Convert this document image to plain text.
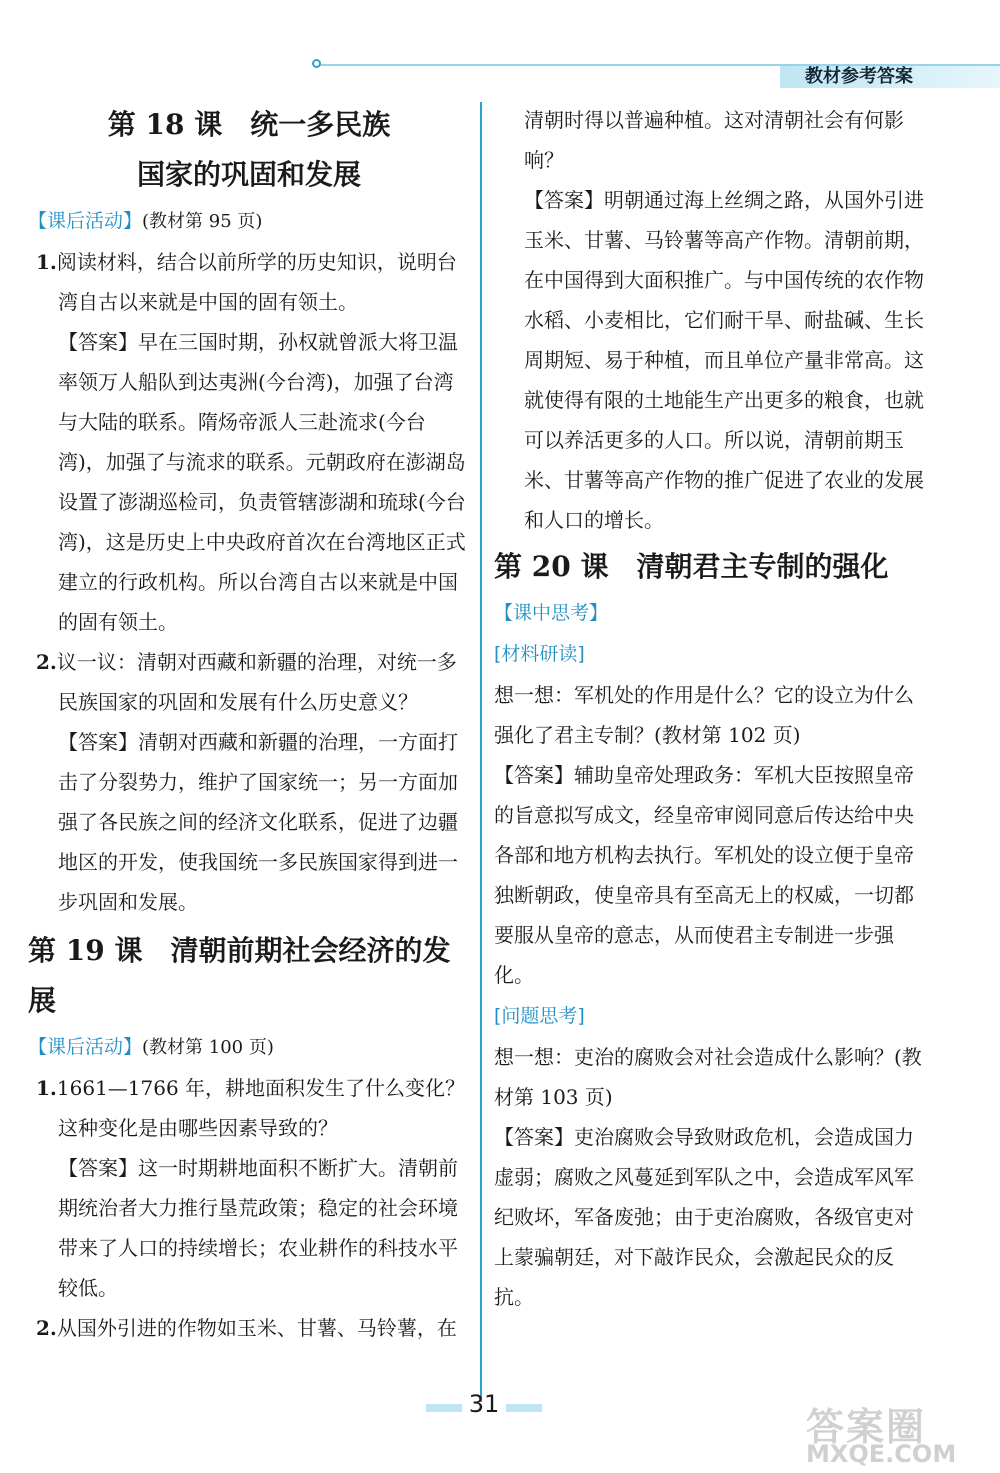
教材参考答案
第 18 课　统一多民族
国家的巩固和发展

【课后活动】(教材第 95 页)

1.阅读材料，结合以前所学的历史知识，说明台湾自古以来就是中国的固有领土。

【答案】早在三国时期，孙权就曾派大将卫温率领万人船队到达夷洲(今台湾)，加强了台湾与大陆的联系。隋炀帝派人三赴流求(今台湾)，加强了与流求的联系。元朝政府在澎湖岛设置了澎湖巡检司，负责管辖澎湖和琉球(今台湾)，这是历史上中央政府首次在台湾地区正式建立的行政机构。所以台湾自古以来就是中国的固有领土。

2.议一议：清朝对西藏和新疆的治理，对统一多民族国家的巩固和发展有什么历史意义？

【答案】清朝对西藏和新疆的治理，一方面打击了分裂势力，维护了国家统一；另一方面加强了各民族之间的经济文化联系，促进了边疆地区的开发，使我国统一多民族国家得到进一步巩固和发展。

第 19 课　清朝前期社会经济的发展

【课后活动】(教材第 100 页)

1.1661—1766 年，耕地面积发生了什么变化？这种变化是由哪些因素导致的？

【答案】这一时期耕地面积不断扩大。清朝前期统治者大力推行垦荒政策；稳定的社会环境带来了人口的持续增长；农业耕作的科技水平较低。

2.从国外引进的作物如玉米、甘薯、马铃薯，在

清朝时得以普遍种植。这对清朝社会有何影响？

【答案】明朝通过海上丝绸之路，从国外引进玉米、甘薯、马铃薯等高产作物。清朝前期，在中国得到大面积推广。与中国传统的农作物水稻、小麦相比，它们耐干旱、耐盐碱、生长周期短、易于种植，而且单位产量非常高。这就使得有限的土地能生产出更多的粮食，也就可以养活更多的人口。所以说，清朝前期玉米、甘薯等高产作物的推广促进了农业的发展和人口的增长。

第 20 课　清朝君主专制的强化

【课中思考】

[材料研读]

想一想：军机处的作用是什么？它的设立为什么强化了君主专制？(教材第 102 页)

【答案】辅助皇帝处理政务：军机大臣按照皇帝的旨意拟写成文，经皇帝审阅同意后传达给中央各部和地方机构去执行。军机处的设立便于皇帝独断朝政，使皇帝具有至高无上的权威，一切都要服从皇帝的意志，从而使君主专制进一步强化。

[问题思考]

想一想：吏治的腐败会对社会造成什么影响？(教材第 103 页)

【答案】吏治腐败会导致财政危机，会造成国力虚弱；腐败之风蔓延到军队之中，会造成军风军纪败坏，军备废弛；由于吏治腐败，各级官吏对上蒙骗朝廷，对下敲诈民众，会激起民众的反抗。

31
答案圈
MXQE.COM
